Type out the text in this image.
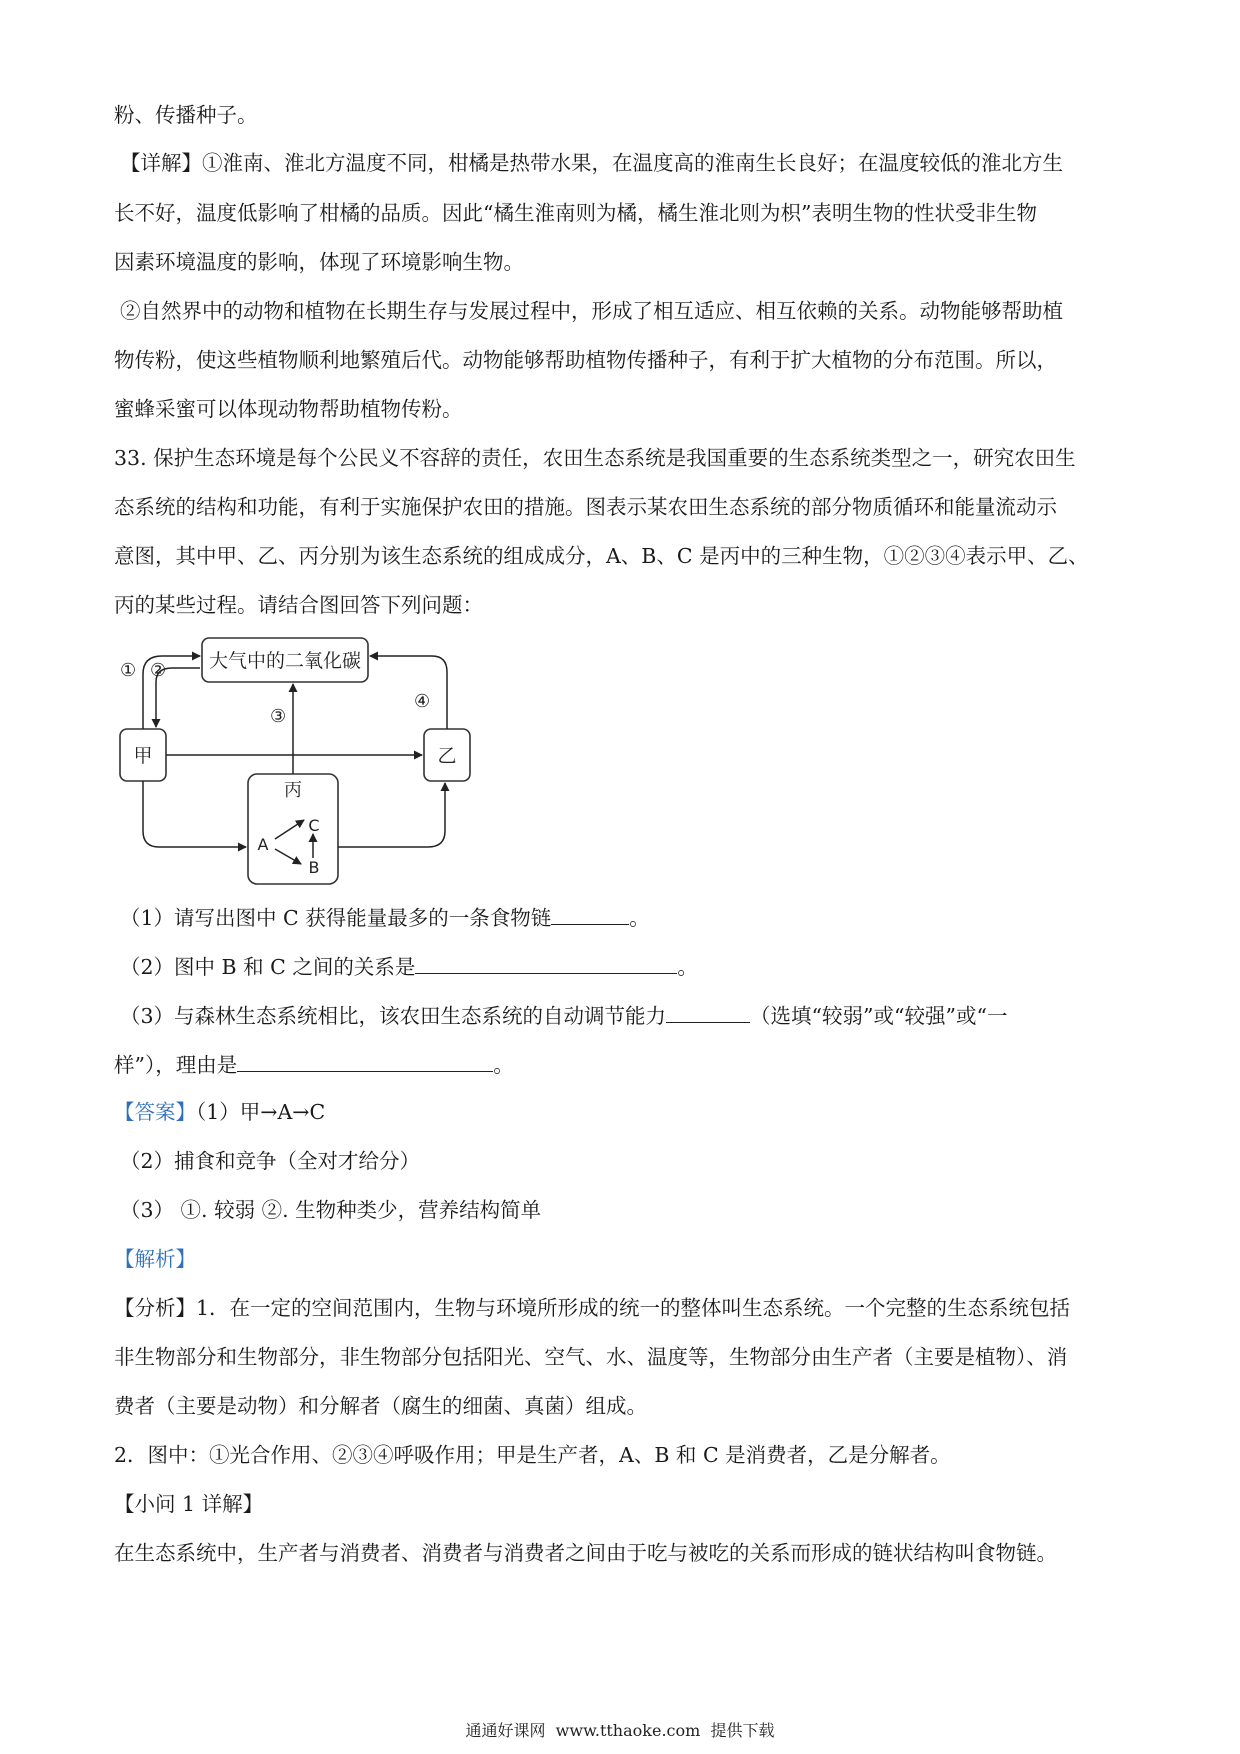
粉、传播种子。
【详解】①淮南、淮北方温度不同，柑橘是热带水果，在温度高的淮南生长良好；在温度较低的淮北方生
长不好，温度低影响了柑橘的品质。因此“橘生淮南则为橘，橘生淮北则为枳”表明生物的性状受非生物
因素环境温度的影响，体现了环境影响生物。
②自然界中的动物和植物在长期生存与发展过程中，形成了相互适应、相互依赖的关系。动物能够帮助植
物传粉，使这些植物顺利地繁殖后代。动物能够帮助植物传播种子，有利于扩大植物的分布范围。所以，
蜜蜂采蜜可以体现动物帮助植物传粉。
33. 保护生态环境是每个公民义不容辞的责任，农田生态系统是我国重要的生态系统类型之一，研究农田生
态系统的结构和功能，有利于实施保护农田的措施。图表示某农田生态系统的部分物质循环和能量流动示
意图，其中甲、乙、丙分别为该生态系统的组成成分，A、B、C 是丙中的三种生物，①②③④表示甲、乙、
丙的某些过程。请结合图回答下列问题：
大气中的二氧化碳
甲	乙
丙
A
B
C
① ②
③
④
（1）请写出图中 C 获得能量最多的一条食物链	。
（2）图中 B 和 C 之间的关系是	。
（3）与森林生态系统相比，该农田生态系统的自动调节能力	（选填“较弱”或“较强”或“一
样”），理由是	。
【答案】（1）甲→A→C
（2）捕食和竞争（全对才给分）
（3） ①. 较弱 ②. 生物种类少，营养结构简单
【解析】
【分析】1．在一定的空间范围内，生物与环境所形成的统一的整体叫生态系统。一个完整的生态系统包括
非生物部分和生物部分，非生物部分包括阳光、空气、水、温度等，生物部分由生产者（主要是植物）、消
费者（主要是动物）和分解者（腐生的细菌、真菌）组成。
2．图中：①光合作用、②③④呼吸作用；甲是生产者，A、B 和 C 是消费者，乙是分解者。
【小问 1 详解】
在生态系统中，生产者与消费者、消费者与消费者之间由于吃与被吃的关系而形成的链状结构叫食物链。
通通好课网  www.tthaoke.com  提供下载
